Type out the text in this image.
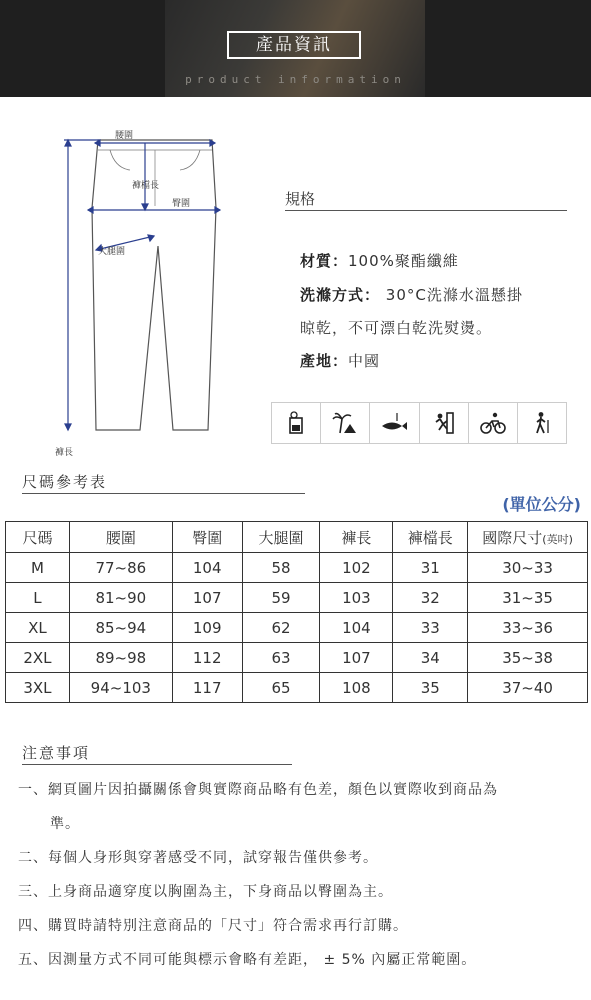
產品資訊
product information
腰圍
褲檔長
臀圍
大腿圍
褲長
規格
材質：100%聚酯纖維
洗滌方式： 30°C洗滌水溫懸掛
晾乾，不可漂白乾洗熨燙。
產地：中國
尺碼參考表
(單位公分)
尺碼	腰圍	臀圍	大腿圍	褲長	褲檔長	國際尺寸(英吋)
M	77~86	104	58	102	31	30~33
L	81~90	107	59	103	32	31~35
XL	85~94	109	62	104	33	33~36
2XL	89~98	112	63	107	34	35~38
3XL	94~103	117	65	108	35	37~40
注意事項
一、網頁圖片因拍攝關係會與實際商品略有色差，顏色以實際收到商品為
準。
二、每個人身形與穿著感受不同，試穿報告僅供參考。
三、上身商品適穿度以胸圍為主，下身商品以臀圍為主。
四、購買時請特別注意商品的「尺寸」符合需求再行訂購。
五、因測量方式不同可能與標示會略有差距， ± 5% 內屬正常範圍。
